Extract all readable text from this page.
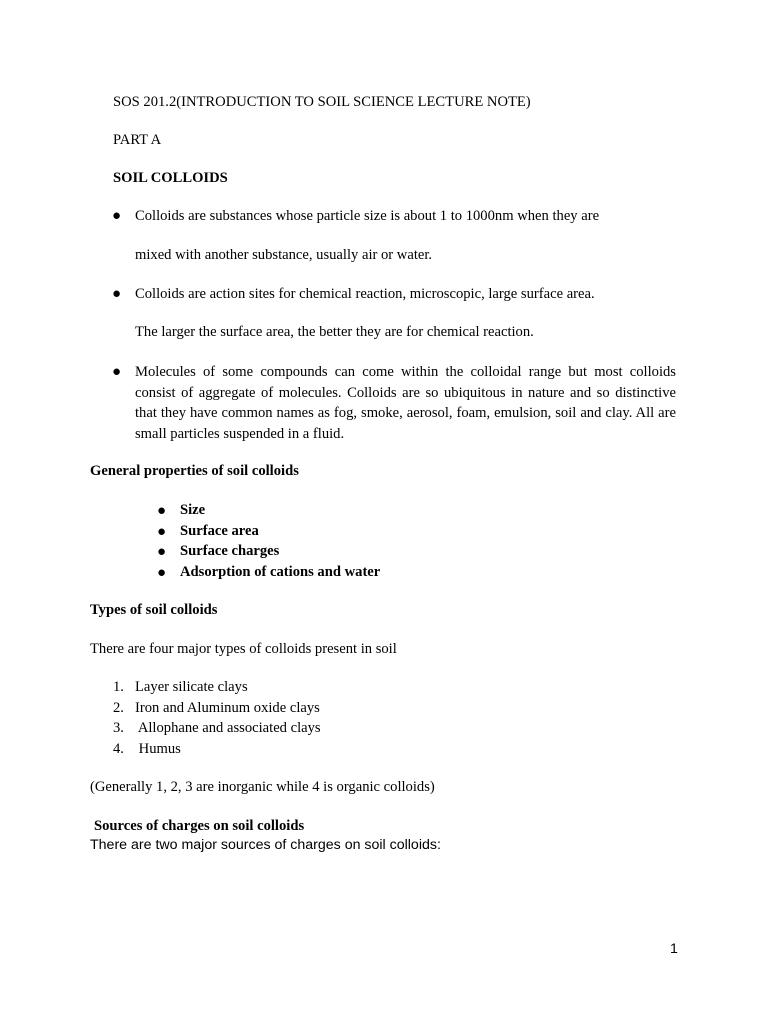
SOS 201.2(INTRODUCTION TO SOIL SCIENCE LECTURE NOTE)
PART A
SOIL COLLOIDS
● Colloids are substances whose particle size is about 1 to 1000nm when they are
mixed with another substance, usually air or water.
● Colloids are action sites for chemical reaction, microscopic, large surface area.
The larger the surface area, the better they are for chemical reaction.
● Molecules of some compounds can come within the colloidal range but most colloids consist of aggregate of molecules. Colloids are so ubiquitous in nature and so distinctive that they have common names as fog, smoke, aerosol, foam, emulsion, soil and clay. All are small particles suspended in a fluid.
General properties of soil colloids
● Size
● Surface area
● Surface charges
● Adsorption of cations and water
Types of soil colloids
There are four major types of colloids present in soil
1. Layer silicate clays
2. Iron and Aluminum oxide clays
3. Allophane and associated clays
4. Humus
(Generally 1, 2, 3 are inorganic while 4 is organic colloids)
Sources of charges on soil colloids
There are two major sources of charges on soil colloids:
1
